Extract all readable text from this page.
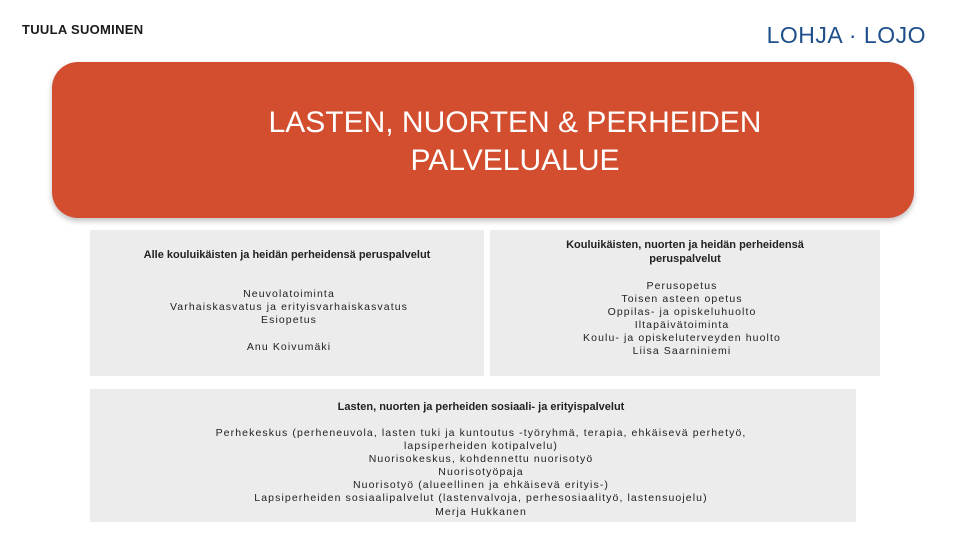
TUULA SUOMINEN	LOHJA · LOJO
LASTEN, NUORTEN & PERHEIDEN
PALVELUALUE
Alle kouluikäisten ja heidän perheidensä peruspalvelut
Neuvolatoiminta
Varhaiskasvatus ja erityisvarhaiskasvatus
Esiopetus
Anu Koivumäki
Kouluikäisten, nuorten ja heidän perheidensä
peruspalvelut
Perusopetus
Toisen asteen opetus
Oppilas- ja opiskeluhuolto
Iltapäivätoiminta
Koulu- ja opiskeluterveyden huolto
Liisa Saarniniemi
Lasten, nuorten ja perheiden sosiaali- ja erityispalvelut
Perhekeskus (perheneuvola, lasten tuki ja kuntoutus -työryhmä, terapia, ehkäisevä perhetyö,
lapsiperheiden kotipalvelu)
Nuorisokeskus, kohdennettu nuorisotyö
Nuorisotyöpaja
Nuorisotyö (alueellinen ja ehkäisevä erityis-)
Lapsiperheiden sosiaalipalvelut (lastenvalvoja, perhesosiaalityö, lastensuojelu)
Merja Hukkanen
